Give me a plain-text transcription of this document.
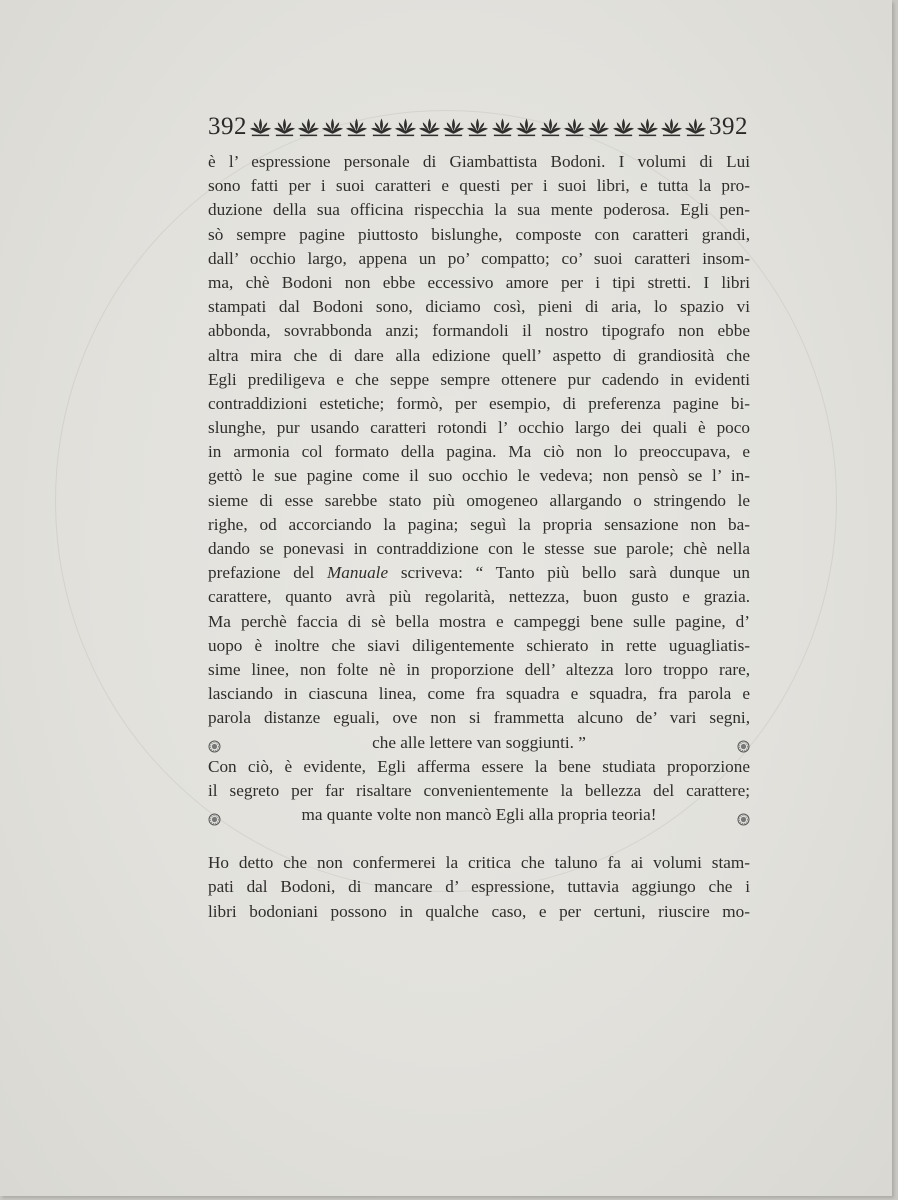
392	392
è l’ espressione personale di Giambattista Bodoni. I volumi di Lui
sono fatti per i suoi caratteri e questi per i suoi libri, e tutta la pro-
duzione della sua officina rispecchia la sua mente poderosa. Egli pen-
sò sempre pagine piuttosto bislunghe, composte con caratteri grandi,
dall’ occhio largo, appena un po’ compatto; co’ suoi caratteri insom-
ma, chè Bodoni non ebbe eccessivo amore per i tipi stretti. I libri
stampati dal Bodoni sono, diciamo così, pieni di aria, lo spazio vi
abbonda, sovrabbonda anzi; formandoli il nostro tipografo non ebbe
altra mira che di dare alla edizione quell’ aspetto di grandiosità che
Egli prediligeva e che seppe sempre ottenere pur cadendo in evidenti
contraddizioni estetiche; formò, per esempio, di preferenza pagine bi-
slunghe, pur usando caratteri rotondi l’ occhio largo dei quali è poco
in armonia col formato della pagina. Ma ciò non lo preoccupava, e
gettò le sue pagine come il suo occhio le vedeva; non pensò se l’ in-
sieme di esse sarebbe stato più omogeneo allargando o stringendo le
righe, od accorciando la pagina; seguì la propria sensazione non ba-
dando se ponevasi in contraddizione con le stesse sue parole; chè nella
prefazione del Manuale scriveva: “ Tanto più bello sarà dunque un
carattere, quanto avrà più regolarità, nettezza, buon gusto e grazia.
Ma perchè faccia di sè bella mostra e campeggi bene sulle pagine, d’
uopo è inoltre che siavi diligentemente schierato in rette uguagliatis-
sime linee, non folte nè in proporzione dell’ altezza loro troppo rare,
lasciando in ciascuna linea, come fra squadra e squadra, fra parola e
parola distanze eguali, ove non si frammetta alcuno de’ vari segni,
che alle lettere van soggiunti. ”
Con ciò, è evidente, Egli afferma essere la bene studiata proporzione
il segreto per far risaltare convenientemente la bellezza del carattere;
ma quante volte non mancò Egli alla propria teoria!
Ho detto che non confermerei la critica che taluno fa ai volumi stam-
pati dal Bodoni, di mancare d’ espressione, tuttavia aggiungo che i
libri bodoniani possono in qualche caso, e per certuni, riuscire mo-
